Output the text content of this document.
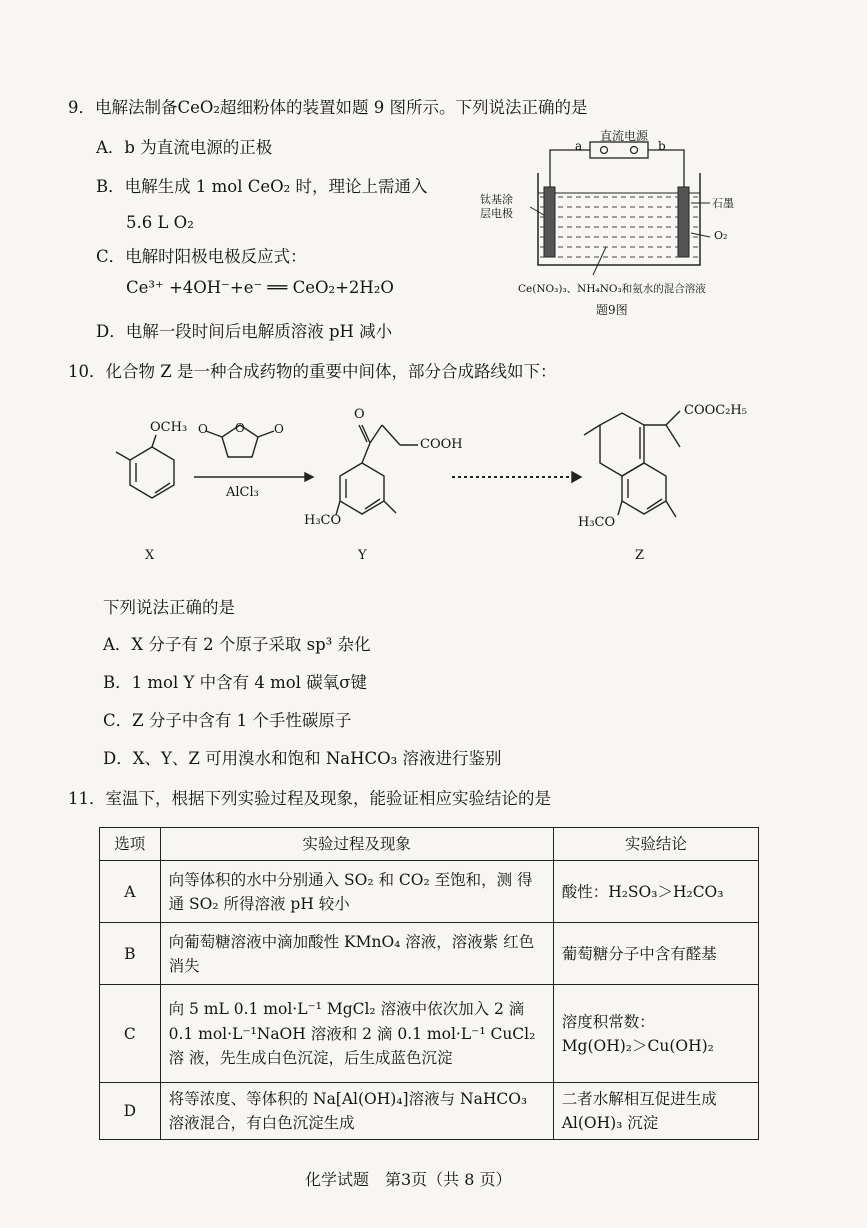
9．电解法制备CeO₂超细粉体的装置如题 9 图所示。下列说法正确的是
A．b 为直流电源的正极
B．电解生成 1 mol CeO₂ 时，理论上需通入
5.6 L O₂
C．电解时阳极电极反应式：
Ce³⁺ +4OH⁻+e⁻ ══ CeO₂+2H₂O
D．电解一段时间后电解质溶液 pH 减小
直流电源
a	b
钛基涂
层电极
石墨
O₂
Ce(NO₃)₃、NH₄NO₃和氨水的混合溶液
题9图
10．化合物 Z 是一种合成药物的重要中间体，部分合成路线如下：
OCH₃	O
O	O
AlCl₃
O
COOH
H₃CO
COOC₂H₅
H₃CO
X	Y	Z
下列说法正确的是
A．X 分子有 2 个原子采取 sp³ 杂化
B．1 mol Y 中含有 4 mol 碳氧σ键
C．Z 分子中含有 1 个手性碳原子
D．X、Y、Z 可用溴水和饱和 NaHCO₃ 溶液进行鉴别
11．室温下，根据下列实验过程及现象，能验证相应实验结论的是
选项	实验过程及现象	实验结论
A	向等体积的水中分别通入 SO₂ 和 CO₂ 至饱和，测 得通 SO₂ 所得溶液 pH 较小	酸性：H₂SO₃＞H₂CO₃
B	向葡萄糖溶液中滴加酸性 KMnO₄ 溶液，溶液紫 红色消失	葡萄糖分子中含有醛基
C	向 5 mL 0.1 mol·L⁻¹ MgCl₂ 溶液中依次加入 2 滴 0.1 mol·L⁻¹NaOH 溶液和 2 滴 0.1 mol·L⁻¹ CuCl₂ 溶 液，先生成白色沉淀，后生成蓝色沉淀	溶度积常数：
Mg(OH)₂＞Cu(OH)₂
D	将等浓度、等体积的 Na[Al(OH)₄]溶液与 NaHCO₃ 溶液混合，有白色沉淀生成	二者水解相互促进生成
Al(OH)₃ 沉淀
化学试题　第3页（共 8 页）
